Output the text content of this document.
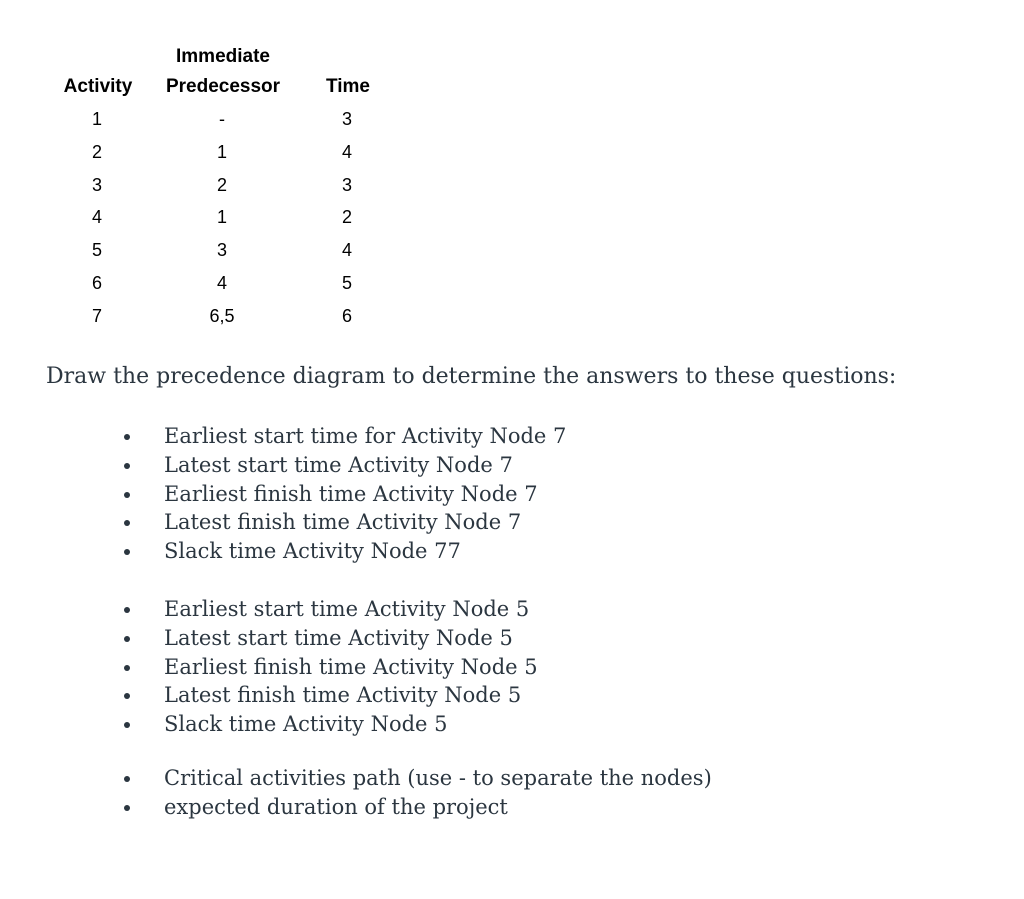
Immediate
Activity	Predecessor	Time
1	-	3
2	1	4
3	2	3
4	1	2
5	3	4
6	4	5
7	6,5	6
Draw the precedence diagram to determine the answers to these questions:
Earliest start time for Activity Node 7
Latest start time Activity Node 7
Earliest finish time Activity Node 7
Latest finish time Activity Node 7
Slack time Activity Node 77
Earliest start time Activity Node 5
Latest start time Activity Node 5
Earliest finish time Activity Node 5
Latest finish time Activity Node 5
Slack time Activity Node 5
Critical activities path (use - to separate the nodes)
expected duration of the project
